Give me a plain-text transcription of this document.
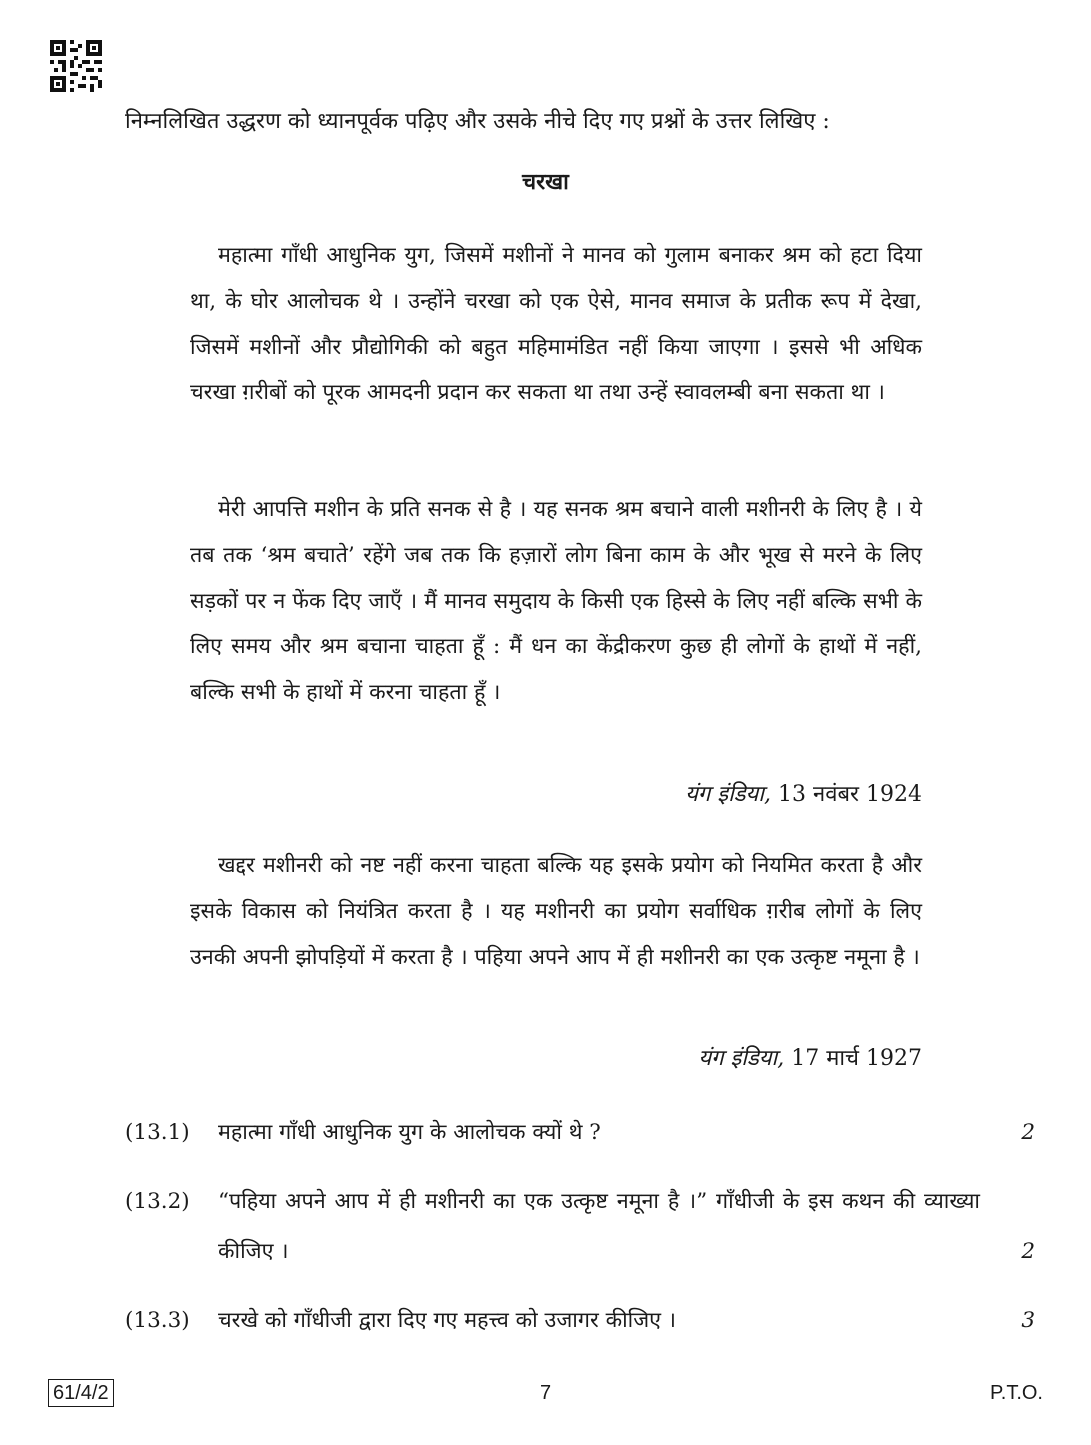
निम्नलिखित उद्धरण को ध्यानपूर्वक पढ़िए और उसके नीचे दिए गए प्रश्नों के उत्तर लिखिए :
चरखा

महात्मा गाँधी आधुनिक युग, जिसमें मशीनों ने मानव को गुलाम बनाकर श्रम को हटा दिया था, के घोर आलोचक थे । उन्होंने चरखा को एक ऐसे, मानव समाज के प्रतीक रूप में देखा, जिसमें मशीनों और प्रौद्योगिकी को बहुत महिमामंडित नहीं किया जाएगा । इससे भी अधिक चरखा ग़रीबों को पूरक आमदनी प्रदान कर सकता था तथा उन्हें स्वावलम्बी बना सकता था ।

मेरी आपत्ति मशीन के प्रति सनक से है । यह सनक श्रम बचाने वाली मशीनरी के लिए है । ये तब तक ‘श्रम बचाते’ रहेंगे जब तक कि हज़ारों लोग बिना काम के और भूख से मरने के लिए सड़कों पर न फेंक दिए जाएँ । मैं मानव समुदाय के किसी एक हिस्से के लिए नहीं बल्कि सभी के लिए समय और श्रम बचाना चाहता हूँ : मैं धन का केंद्रीकरण कुछ ही लोगों के हाथों में नहीं, बल्कि सभी के हाथों में करना चाहता हूँ ।

यंग इंडिया, 13 नवंबर 1924

खद्दर मशीनरी को नष्ट नहीं करना चाहता बल्कि यह इसके प्रयोग को नियमित करता है और इसके विकास को नियंत्रित करता है । यह मशीनरी का प्रयोग सर्वाधिक ग़रीब लोगों के लिए उनकी अपनी झोपड़ियों में करता है । पहिया अपने आप में ही मशीनरी का एक उत्कृष्ट नमूना है ।

यंग इंडिया, 17 मार्च 1927
(13.1) महात्मा गाँधी आधुनिक युग के आलोचक क्यों थे ?	2
(13.2) “पहिया अपने आप में ही मशीनरी का एक उत्कृष्ट नमूना है ।” गाँधीजी के इस कथन की व्याख्या कीजिए ।	2
(13.3) चरखे को गाँधीजी द्वारा दिए गए महत्त्व को उजागर कीजिए ।	3
61/4/2	7	P.T.O.
